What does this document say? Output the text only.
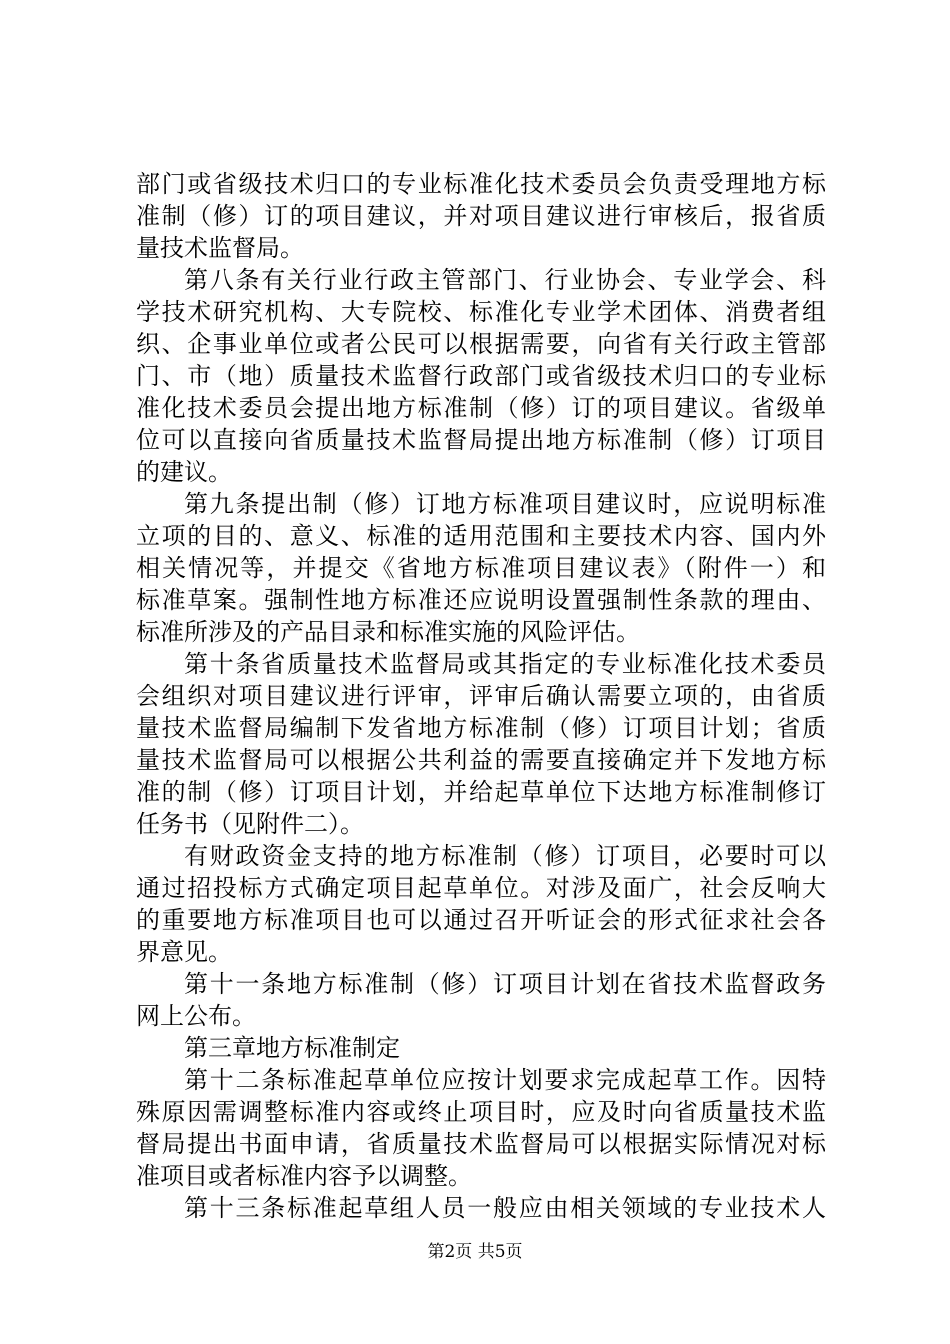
部门或省级技术归口的专业标准化技术委员会负责受理地方标
准制（修）订的项目建议，并对项目建议进行审核后，报省质
量技术监督局。
第八条有关行业行政主管部门、行业协会、专业学会、科
学技术研究机构、大专院校、标准化专业学术团体、消费者组
织、企事业单位或者公民可以根据需要，向省有关行政主管部
门、市（地）质量技术监督行政部门或省级技术归口的专业标
准化技术委员会提出地方标准制（修）订的项目建议。省级单
位可以直接向省质量技术监督局提出地方标准制（修）订项目
的建议。
第九条提出制（修）订地方标准项目建议时，应说明标准
立项的目的、意义、标准的适用范围和主要技术内容、国内外
相关情况等，并提交《省地方标准项目建议表》（附件一）和
标准草案。强制性地方标准还应说明设置强制性条款的理由、
标准所涉及的产品目录和标准实施的风险评估。
第十条省质量技术监督局或其指定的专业标准化技术委员
会组织对项目建议进行评审，评审后确认需要立项的，由省质
量技术监督局编制下发省地方标准制（修）订项目计划；省质
量技术监督局可以根据公共利益的需要直接确定并下发地方标
准的制（修）订项目计划，并给起草单位下达地方标准制修订
任务书（见附件二）。
有财政资金支持的地方标准制（修）订项目，必要时可以
通过招投标方式确定项目起草单位。对涉及面广，社会反响大
的重要地方标准项目也可以通过召开听证会的形式征求社会各
界意见。
第十一条地方标准制（修）订项目计划在省技术监督政务
网上公布。
第三章地方标准制定
第十二条标准起草单位应按计划要求完成起草工作。因特
殊原因需调整标准内容或终止项目时，应及时向省质量技术监
督局提出书面申请，省质量技术监督局可以根据实际情况对标
准项目或者标准内容予以调整。
第十三条标准起草组人员一般应由相关领域的专业技术人
第2页 共5页
